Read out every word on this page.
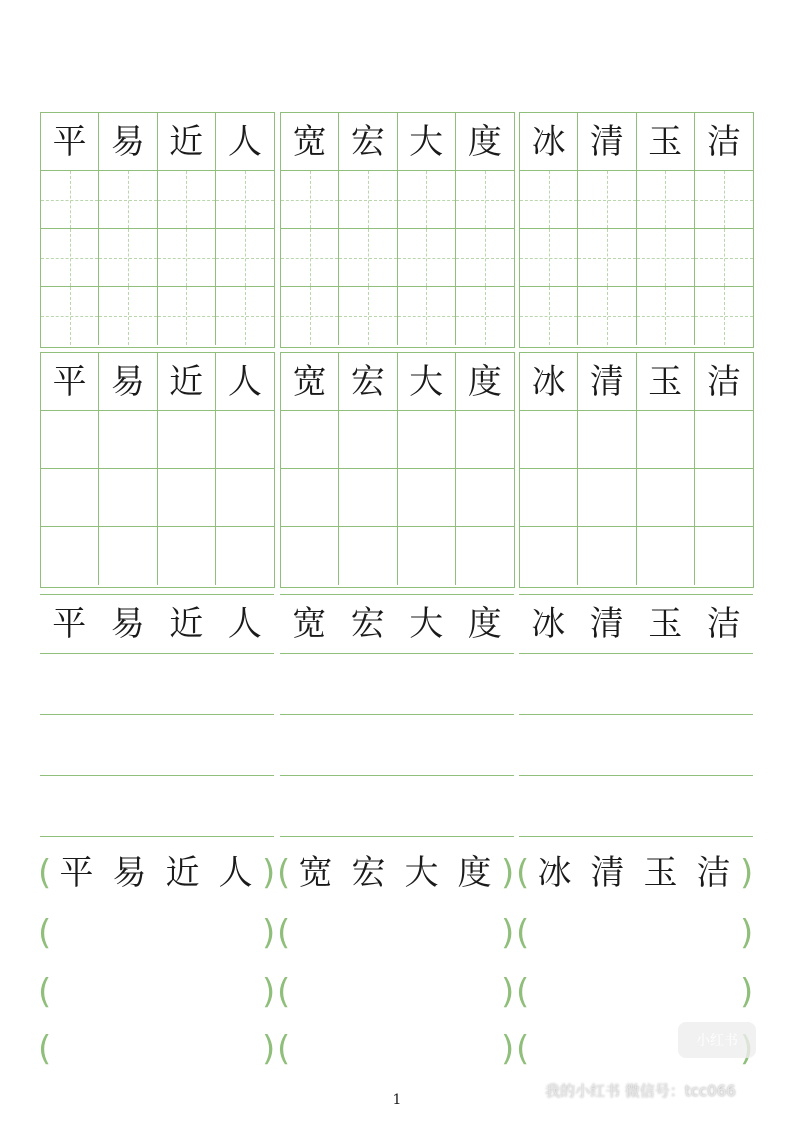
平 易 近 人 宽 宏 大 度 冰 清 玉 洁
平 易 近 人 宽 宏 大 度 冰 清 玉 洁
平 易 近 人 宽 宏 大 度 冰 清 玉 洁
( 平 易 近 人 ) ( 宽 宏 大 度 ) ( 冰 清 玉 洁 )
(	) (	) (	)
(	) (	) (	)
(	) (	) (	小红书
我的小红书 微信号：tcc066
1
